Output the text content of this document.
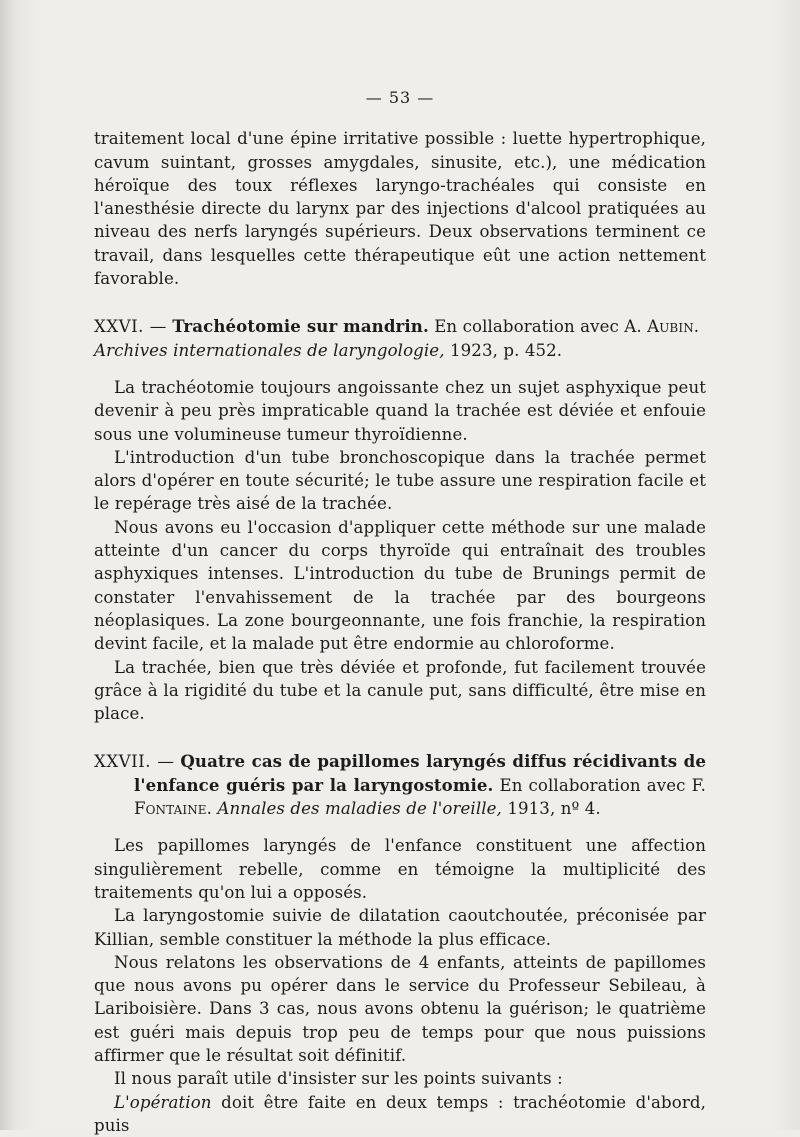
— 53 —

traitement local d'une épine irritative possible : luette hypertrophique, cavum suintant, grosses amygdales, sinusite, etc.), une médication héroïque des toux réflexes laryngo-trachéales qui consiste en l'anesthésie directe du larynx par des injections d'alcool pratiquées au niveau des nerfs laryngés supérieurs. Deux observations terminent ce travail, dans lesquelles cette thérapeutique eût une action nettement favorable.

XXVI. — Trachéotomie sur mandrin. En collaboration avec A. Aubin.
Archives internationales de laryngologie, 1923, p. 452.

La trachéotomie toujours angoissante chez un sujet asphyxique peut devenir à peu près impraticable quand la trachée est déviée et enfouie sous une volumineuse tumeur thyroïdienne.

L'introduction d'un tube bronchoscopique dans la trachée permet alors d'opérer en toute sécurité; le tube assure une respiration facile et le repérage très aisé de la trachée.

Nous avons eu l'occasion d'appliquer cette méthode sur une malade atteinte d'un cancer du corps thyroïde qui entraînait des troubles asphyxiques intenses. L'introduction du tube de Brunings permit de constater l'envahissement de la trachée par des bourgeons néoplasiques. La zone bourgeonnante, une fois franchie, la respiration devint facile, et la malade put être endormie au chloroforme.

La trachée, bien que très déviée et profonde, fut facilement trouvée grâce à la rigidité du tube et la canule put, sans difficulté, être mise en place.

XXVII. — Quatre cas de papillomes laryngés diffus récidivants de l'enfance guéris par la laryngostomie. En collaboration avec F. Fontaine. Annales des maladies de l'oreille, 1913, nº 4.

Les papillomes laryngés de l'enfance constituent une affection singulièrement rebelle, comme en témoigne la multiplicité des traitements qu'on lui a opposés.

La laryngostomie suivie de dilatation caoutchoutée, préconisée par Killian, semble constituer la méthode la plus efficace.

Nous relatons les observations de 4 enfants, atteints de papillomes que nous avons pu opérer dans le service du Professeur Sebileau, à Lariboisière. Dans 3 cas, nous avons obtenu la guérison; le quatrième est guéri mais depuis trop peu de temps pour que nous puissions affirmer que le résultat soit définitif.

Il nous paraît utile d'insister sur les points suivants :

L'opération doit être faite en deux temps : trachéotomie d'abord, puis
